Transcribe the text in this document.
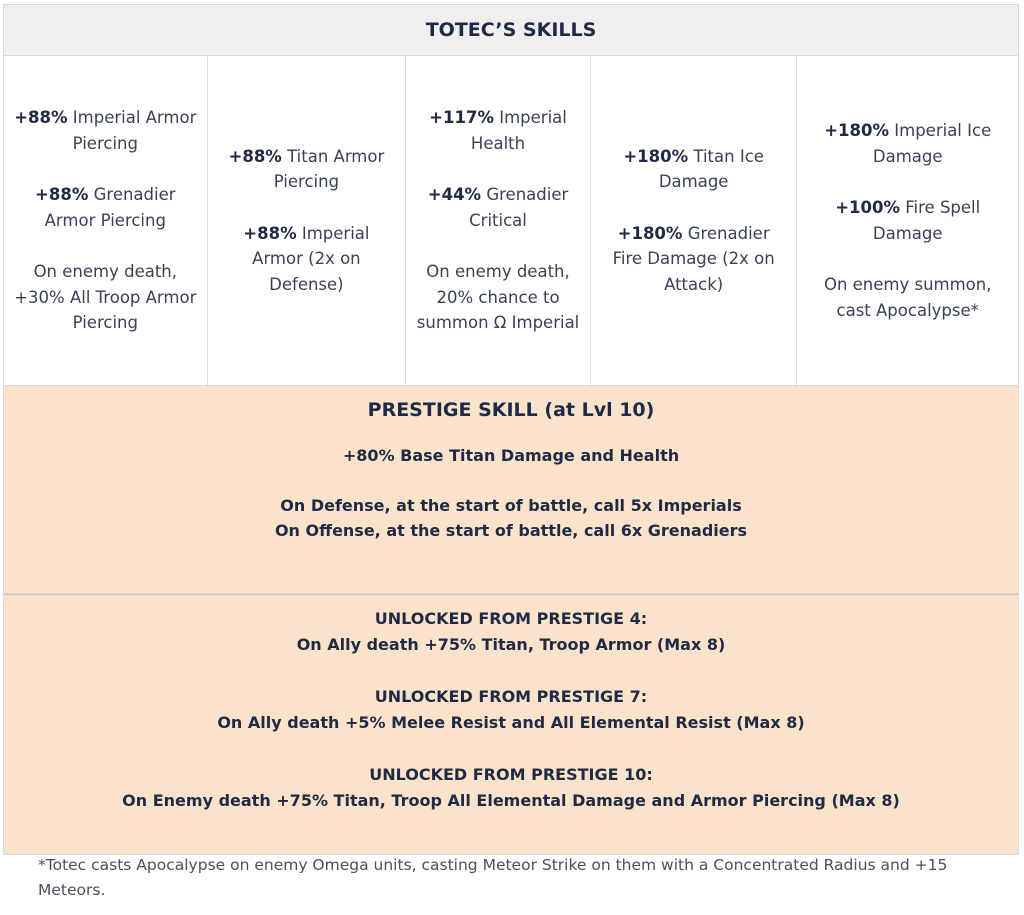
TOTEC’S SKILLS

+88% Imperial Armor Piercing

+88% Grenadier Armor Piercing

On enemy death, +30% All Troop Armor Piercing

+88% Titan Armor Piercing

+88% Imperial Armor (2x on Defense)

+117% Imperial Health

+44% Grenadier Critical

On enemy death, 20% chance to summon Ω Imperial

+180% Titan Ice Damage

+180% Grenadier Fire Damage (2x on Attack)

+180% Imperial Ice Damage

+100% Fire Spell Damage

On enemy summon, cast Apocalypse*

PRESTIGE SKILL (at Lvl 10)
+80% Base Titan Damage and Health
On Defense, at the start of battle, call 5x Imperials
On Offense, at the start of battle, call 6x Grenadiers
UNLOCKED FROM PRESTIGE 4:
On Ally death +75% Titan, Troop Armor (Max 8)
UNLOCKED FROM PRESTIGE 7:
On Ally death +5% Melee Resist and All Elemental Resist (Max 8)
UNLOCKED FROM PRESTIGE 10:
On Enemy death +75% Titan, Troop All Elemental Damage and Armor Piercing (Max 8)
*Totec casts Apocalypse on enemy Omega units, casting Meteor Strike on them with a Concentrated Radius and +15 Meteors.
